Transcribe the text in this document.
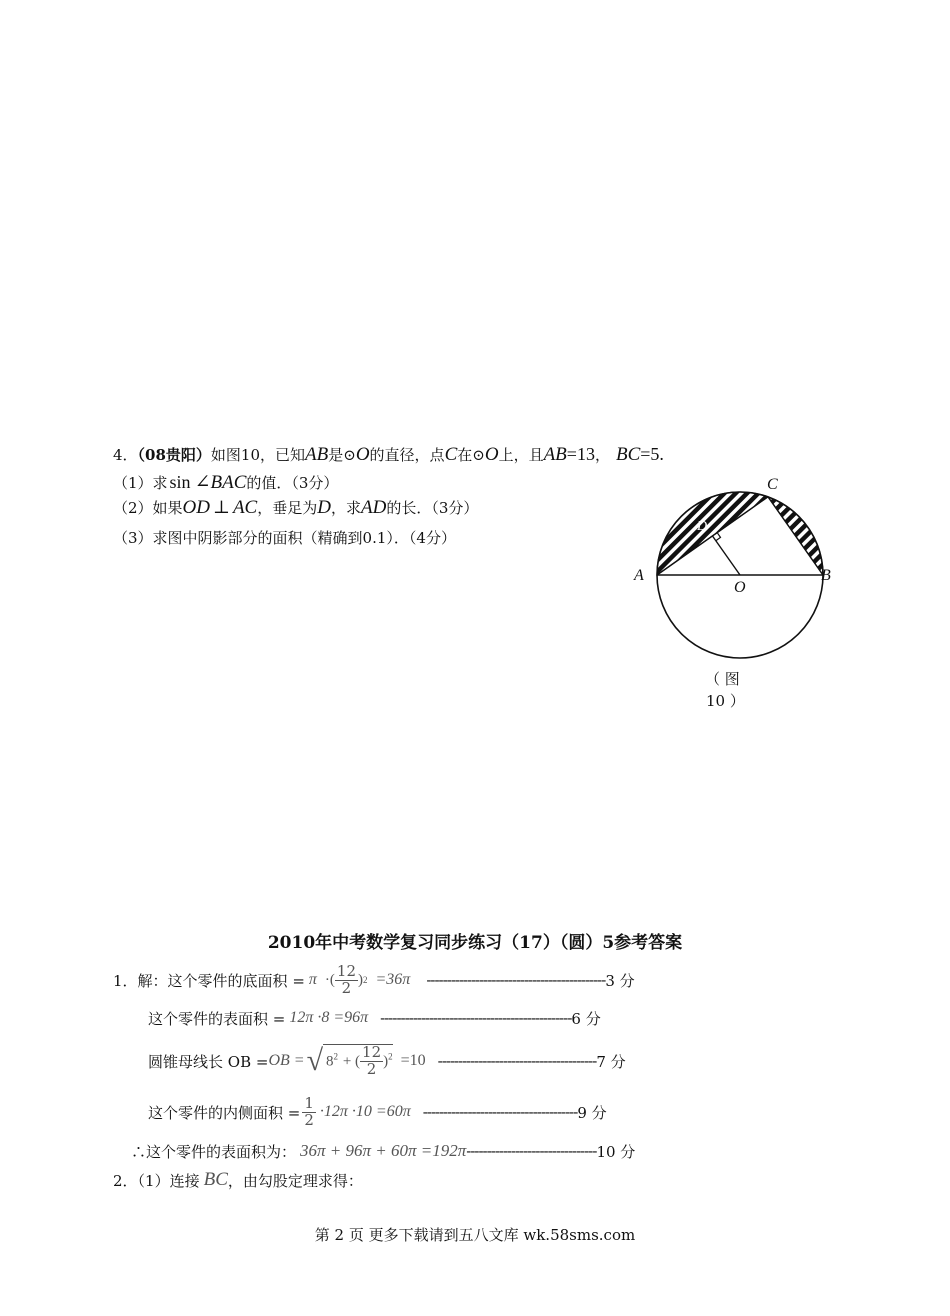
4．（08贵阳）如图10，已知AB是⊙O的直径，点C在⊙O上，且AB=13， BC=5.
（1）求 sin ∠BAC的值．（3分）
（2）如果OD ⊥ AC，垂足为D，求AD的长．（3分）
（3）求图中阴影部分的面积（精确到0.1）．（4分）
A	B
C
O
D
（ 图
10 ）
2010年中考数学复习同步练习（17）（圆）5参考答案
1．解：这个零件的底面积 = π ·( $\frac{12}{2}$ ) 2 =36π -------------------------------------------- 3 分
这个零件的表面积 = 12π ·8 =96π ----------------------------------------------- 6 分
圆锥母线长 OB = OB = √ $8^2$ + ( $\frac{12}{2} )^2 =10$ --------------------------------------- 7 分
这个零件的内侧面积 = $\frac{1}{2} \cdot 12\pi \cdot 10 =60\pi$ -------------------------------------- 9 分
∴这个零件的表面积为： 36π + 96π + 60π =192π -------------------------------- 10 分
2．（1）连接 BC ，由勾股定理求得：
第 2 页 更多下载请到五八文库 wk.58sms.com
